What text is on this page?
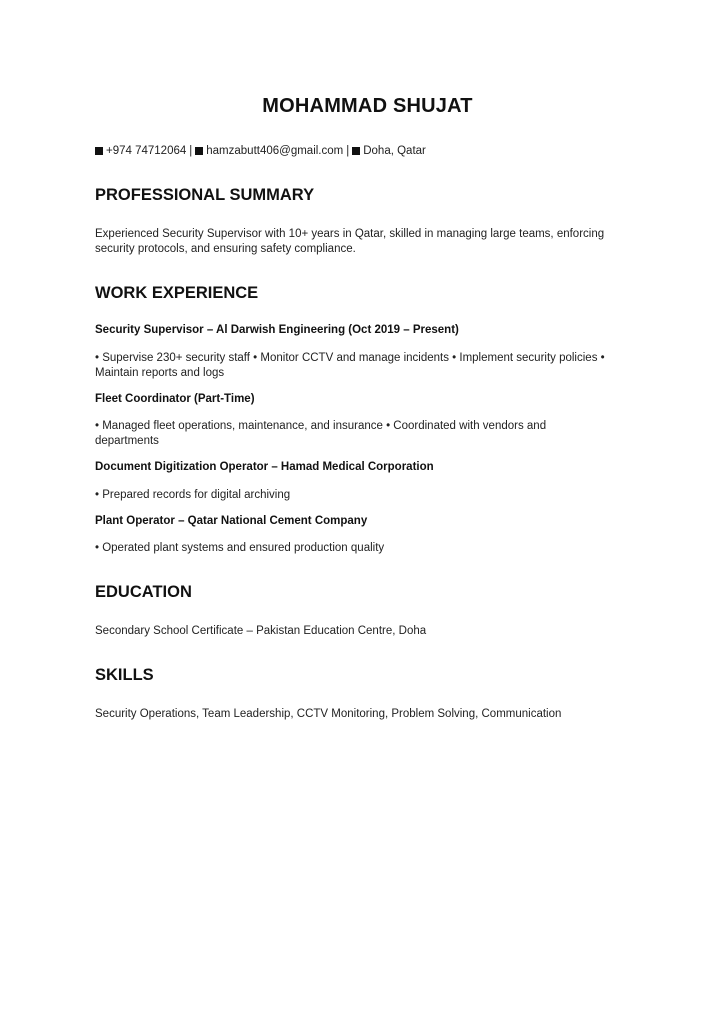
MOHAMMAD SHUJAT
+974 74712064 | hamzabutt406@gmail.com | Doha, Qatar
PROFESSIONAL SUMMARY

Experienced Security Supervisor with 10+ years in Qatar, skilled in managing large teams, enforcing security protocols, and ensuring safety compliance.

WORK EXPERIENCE

Security Supervisor – Al Darwish Engineering (Oct 2019 – Present)

• Supervise 230+ security staff • Monitor CCTV and manage incidents • Implement security policies • Maintain reports and logs

Fleet Coordinator (Part-Time)

• Managed fleet operations, maintenance, and insurance • Coordinated with vendors and departments

Document Digitization Operator – Hamad Medical Corporation

• Prepared records for digital archiving

Plant Operator – Qatar National Cement Company

• Operated plant systems and ensured production quality

EDUCATION

Secondary School Certificate – Pakistan Education Centre, Doha

SKILLS

Security Operations, Team Leadership, CCTV Monitoring, Problem Solving, Communication
